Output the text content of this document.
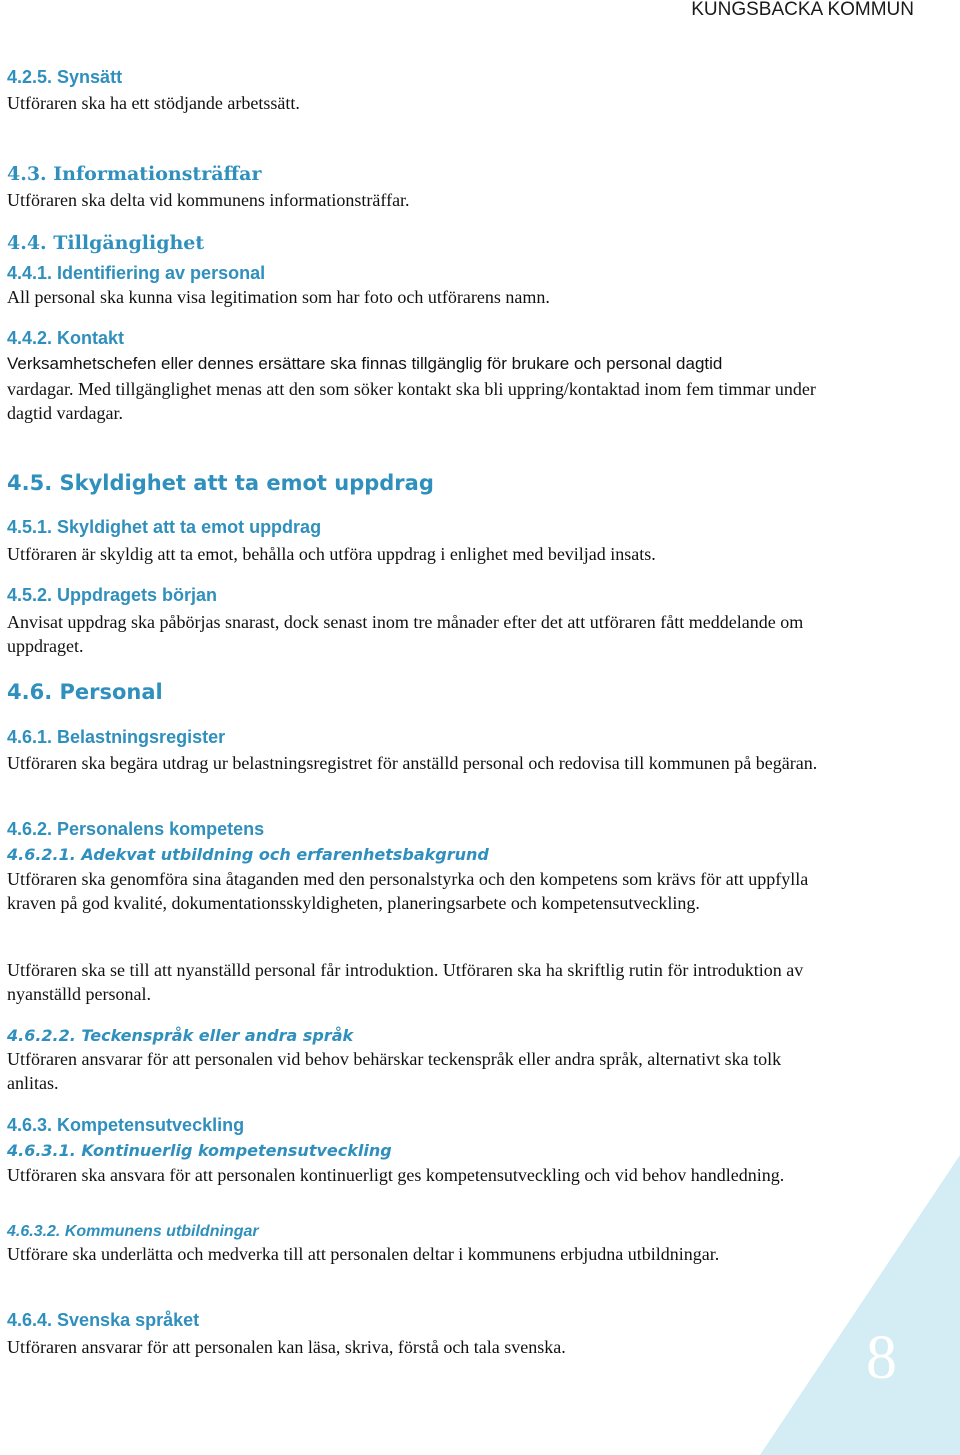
KUNGSBACKA KOMMUN
4.2.5. Synsätt
Utföraren ska ha ett stödjande arbetssätt.
4.3. Informationsträffar
Utföraren ska delta vid kommunens informationsträffar.
4.4. Tillgänglighet
4.4.1. Identifiering av personal
All personal ska kunna visa legitimation som har foto och utförarens namn.
4.4.2. Kontakt
Verksamhetschefen eller dennes ersättare ska finnas tillgänglig för brukare och personal dagtid
vardagar. Med tillgänglighet menas att den som söker kontakt ska bli uppring/kontaktad inom fem timmar under dagtid vardagar.
4.5. Skyldighet att ta emot uppdrag
4.5.1. Skyldighet att ta emot uppdrag
Utföraren är skyldig att ta emot, behålla och utföra uppdrag i enlighet med beviljad insats.
4.5.2. Uppdragets början
Anvisat uppdrag ska påbörjas snarast, dock senast inom tre månader efter det att utföraren fått meddelande om uppdraget.
4.6. Personal
4.6.1. Belastningsregister
Utföraren ska begära utdrag ur belastningsregistret för anställd personal och redovisa till kommunen på begäran.
4.6.2. Personalens kompetens
4.6.2.1. Adekvat utbildning och erfarenhetsbakgrund
Utföraren ska genomföra sina åtaganden med den personalstyrka och den kompetens som krävs för att uppfylla kraven på god kvalité, dokumentationsskyldigheten, planeringsarbete och kompetensutveckling.
Utföraren ska se till att nyanställd personal får introduktion. Utföraren ska ha skriftlig rutin för introduktion av nyanställd personal.
4.6.2.2. Teckenspråk eller andra språk
Utföraren ansvarar för att personalen vid behov behärskar teckenspråk eller andra språk, alternativt ska tolk anlitas.
4.6.3. Kompetensutveckling
4.6.3.1. Kontinuerlig kompetensutveckling
Utföraren ska ansvara för att personalen kontinuerligt ges kompetensutveckling och vid behov handledning.
4.6.3.2. Kommunens utbildningar
Utförare ska underlätta och medverka till att personalen deltar i kommunens erbjudna utbildningar.
4.6.4. Svenska språket
Utföraren ansvarar för att personalen kan läsa, skriva, förstå och tala svenska.	8
